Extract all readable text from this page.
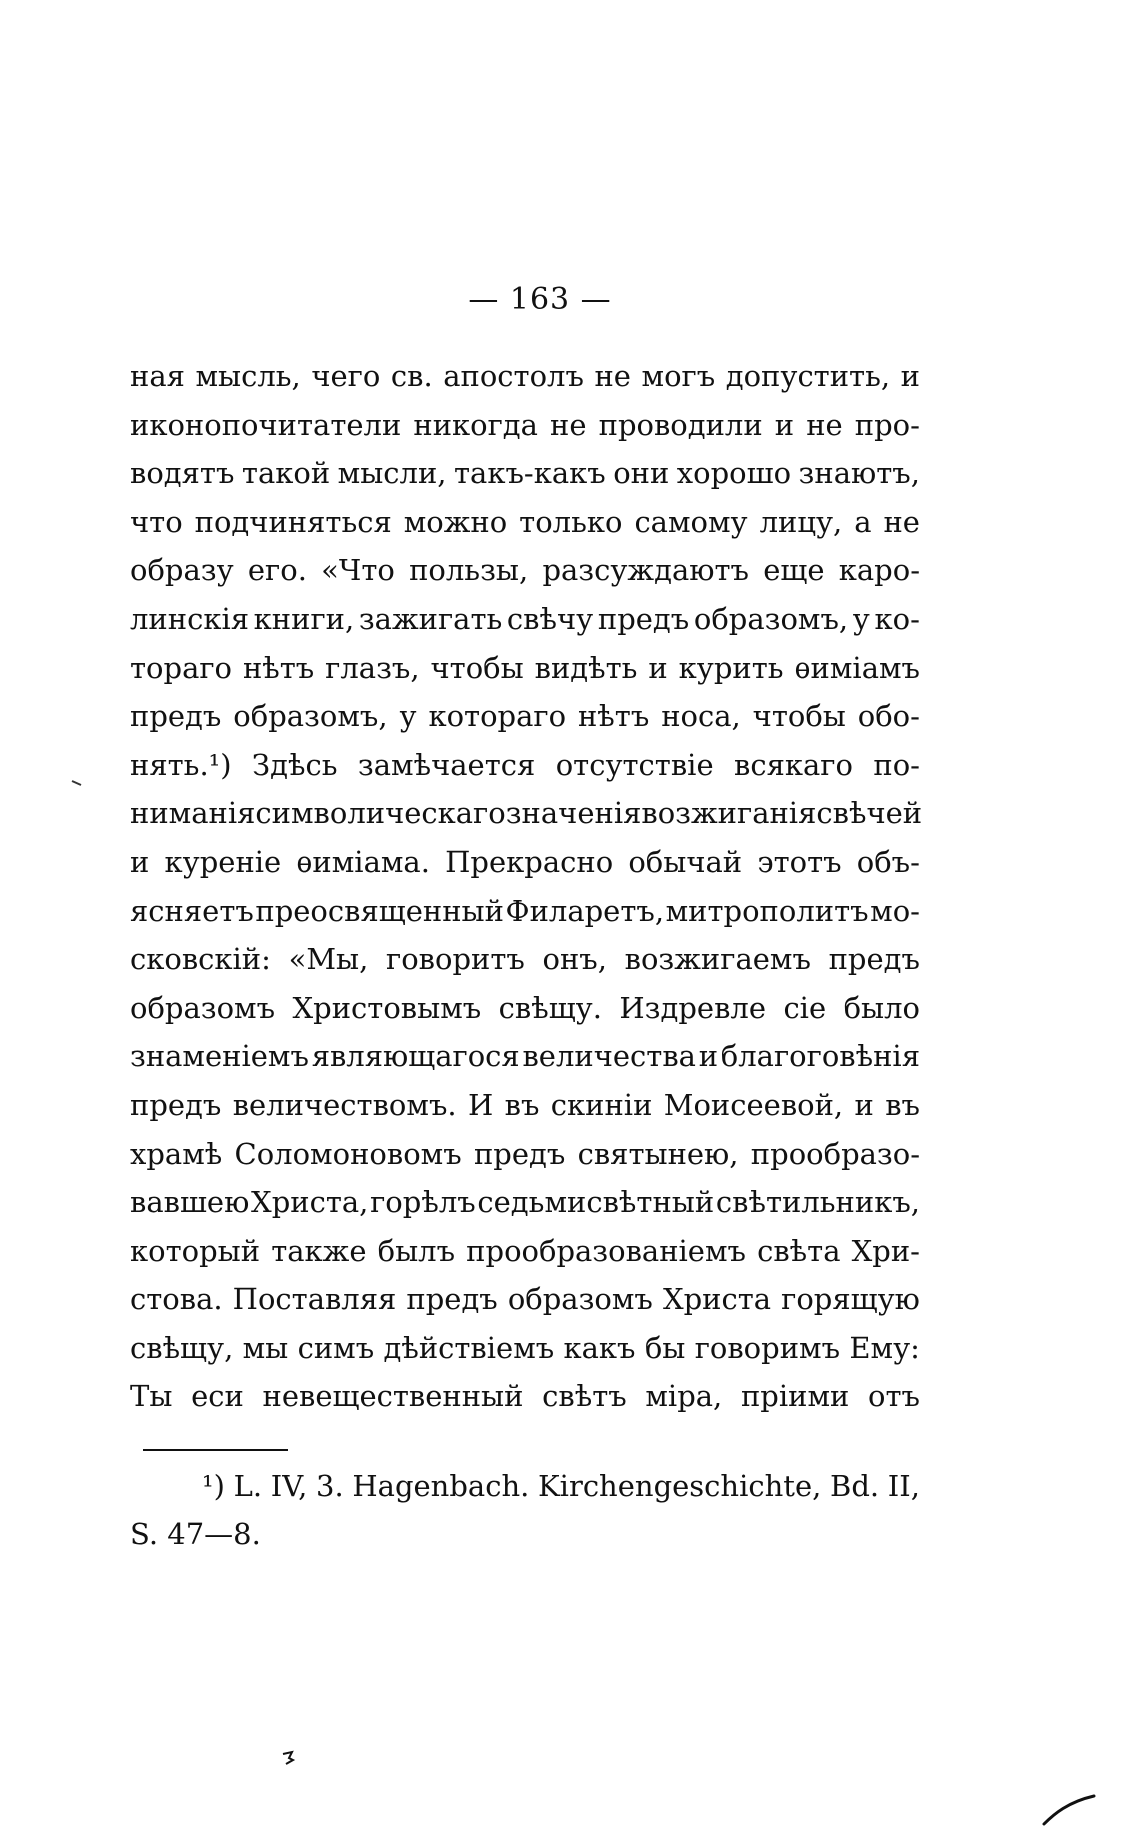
— 163 —
ная мысль, чего св. апостолъ не могъ допустить, и
иконопочитатели никогда не проводили и не про-
водятъ такой мысли, такъ-какъ они хорошо знаютъ,
что подчиняться можно только самому лицу, а не
образу его. «Что пользы, разсуждаютъ еще каро-
линскія книги, зажигать свѣчу предъ образомъ, у ко-
тораго нѣтъ глазъ, чтобы видѣть и курить ѳиміамъ
предъ образомъ, у котораго нѣтъ носа, чтобы обо-
нять.¹) Здѣсь замѣчается отсутствіе всякаго по-
ниманія символическаго значенія возжиганія свѣчей
и куреніе ѳиміама. Прекрасно обычай этотъ объ-
ясняетъ преосвященный Филаретъ, митрополитъ мо-
сковскій: «Мы, говоритъ онъ, возжигаемъ предъ
образомъ Христовымъ свѣщу. Издревле сіе было
знаменіемъ являющагося величества и благоговѣнія
предъ величествомъ. И въ скиніи Моисеевой, и въ
храмѣ Соломоновомъ предъ святынею, прообразо-
вавшею Христа, горѣлъ седьмисвѣтный свѣтильникъ,
который также былъ прообразованіемъ свѣта Хри-
стова. Поставляя предъ образомъ Христа горящую
свѣщу, мы симъ дѣйствіемъ какъ бы говоримъ Ему:
Ты еси невещественный свѣтъ міра, пріими отъ
¹) L. IV, 3. Hagenbach. Kirchengeschichte, Bd. II,
S. 47—8.
